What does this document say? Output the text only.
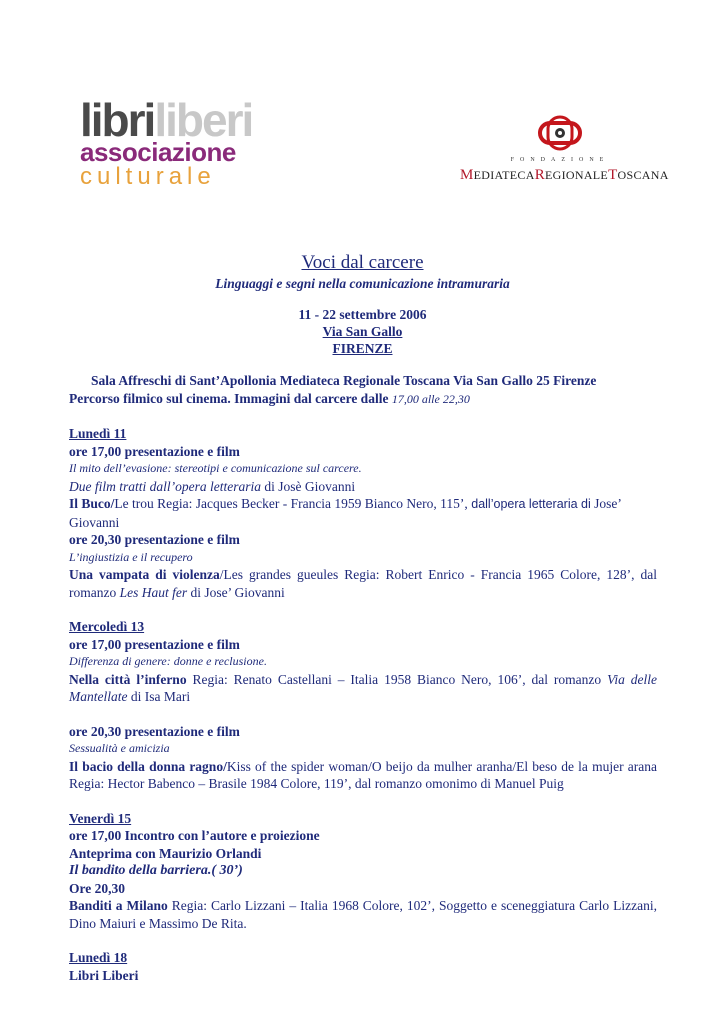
libriliberi
associazione
culturale
FONDAZIONE
MEDIATECAREGIONALETOSCANA
Voci dal carcere
Linguaggi e segni nella comunicazione intramuraria
11 - 22 settembre 2006
Via San Gallo
FIRENZE

Sala Affreschi di Sant’Apollonia Mediateca Regionale Toscana Via San Gallo 25 Firenze

Percorso filmico sul cinema. Immagini dal carcere dalle 17,00 alle 22,30

Lunedì 11

ore 17,00 presentazione e film

Il mito dell’evasione: stereotipi e comunicazione sul carcere.

Due film tratti dall’opera letteraria di Josè Giovanni

Il Buco/Le trou Regia: Jacques Becker - Francia 1959 Bianco Nero, 115’, dall’opera letteraria di Jose’ Giovanni

ore 20,30 presentazione e film

L’ingiustizia e il recupero

Una vampata di violenza/Les grandes gueules Regia: Robert Enrico - Francia 1965 Colore, 128’, dal romanzo Les Haut fer di Jose’ Giovanni

Mercoledì 13

ore 17,00 presentazione e film

Differenza di genere: donne e reclusione.

Nella città l’inferno Regia: Renato Castellani – Italia 1958 Bianco Nero, 106’, dal romanzo Via delle Mantellate di Isa Mari

ore 20,30 presentazione e film

Sessualità e amicizia

Il bacio della donna ragno/Kiss of the spider woman/O beijo da mulher aranha/El beso de la mujer arana Regia: Hector Babenco – Brasile 1984 Colore, 119’, dal romanzo omonimo di Manuel Puig

Venerdì 15

ore 17,00 Incontro con l’autore e proiezione

Anteprima con Maurizio Orlandi

Il bandito della barriera.( 30’)

Ore 20,30

Banditi a Milano Regia: Carlo Lizzani – Italia 1968 Colore, 102’, Soggetto e sceneggiatura Carlo Lizzani, Dino Maiuri e Massimo De Rita.

Lunedì 18

Libri Liberi
